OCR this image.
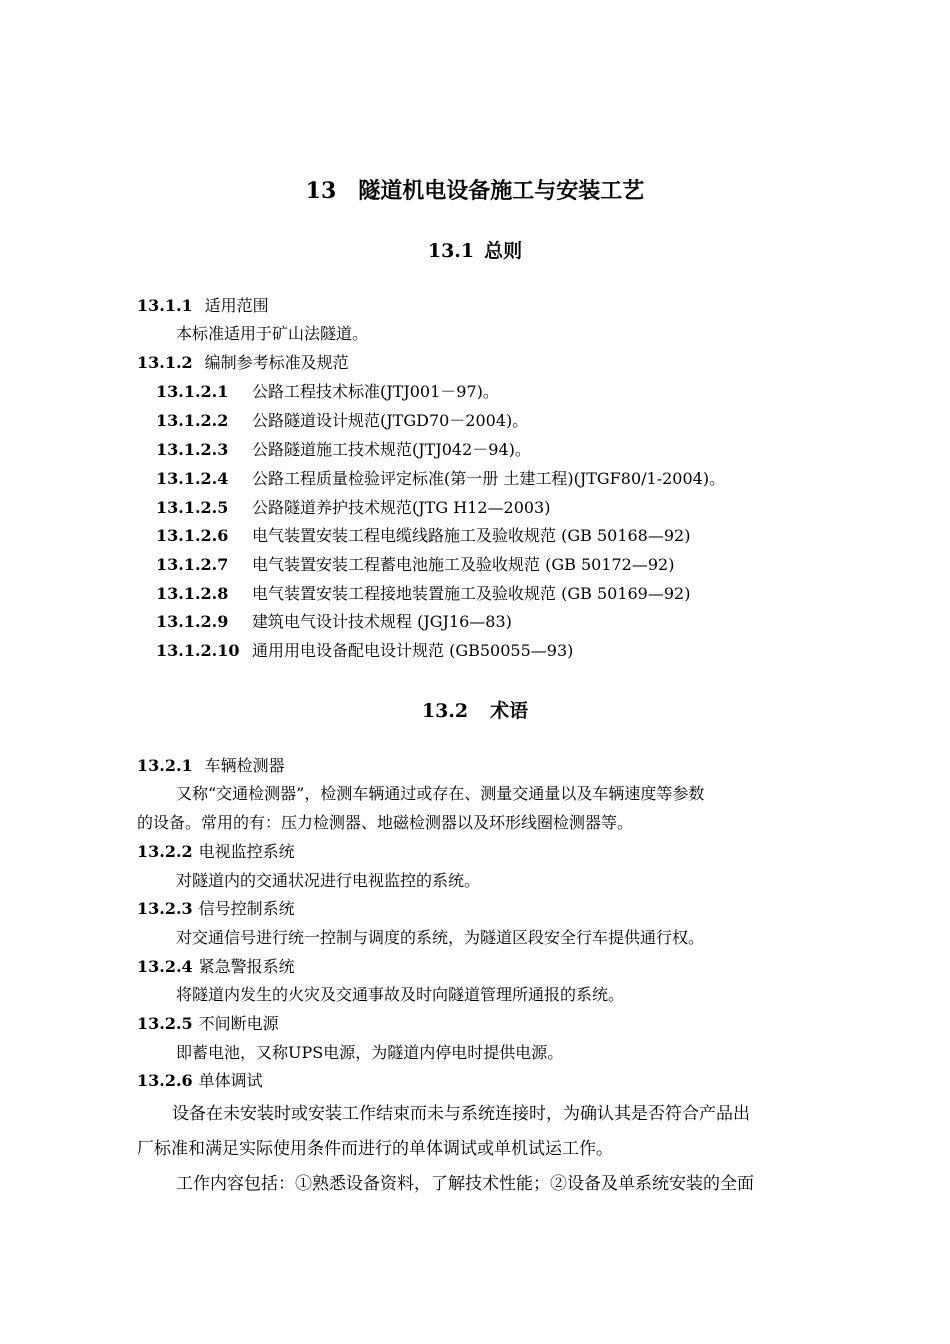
13 隧道机电设备施工与安装工艺
13.1 总则
13.1.1 适用范围
本标准适用于矿山法隧道。
13.1.2 编制参考标准及规范
13.1.2.1 公路工程技术标准(JTJ001－97)。
13.1.2.2 公路隧道设计规范(JTGD70－2004)。
13.1.2.3 公路隧道施工技术规范(JTJ042－94)。
13.1.2.4 公路工程质量检验评定标准(第一册 土建工程)(JTGF80/1-2004)。
13.1.2.5 公路隧道养护技术规范(JTG H12—2003)
13.1.2.6 电气装置安装工程电缆线路施工及验收规范 (GB 50168—92)
13.1.2.7 电气装置安装工程蓄电池施工及验收规范 (GB 50172—92)
13.1.2.8 电气装置安装工程接地装置施工及验收规范 (GB 50169—92)
13.1.2.9 建筑电气设计技术规程 (JGJ16—83)
13.1.2.10 通用用电设备配电设计规范 (GB50055—93)
13.2 术语
13.2.1 车辆检测器
又称“交通检测器”，检测车辆通过或存在、测量交通量以及车辆速度等参数
的设备。常用的有：压力检测器、地磁检测器以及环形线圈检测器等。
13.2.2 电视监控系统
对隧道内的交通状况进行电视监控的系统。
13.2.3 信号控制系统
对交通信号进行统一控制与调度的系统，为隧道区段安全行车提供通行权。
13.2.4 紧急警报系统
将隧道内发生的火灾及交通事故及时向隧道管理所通报的系统。
13.2.5 不间断电源
即蓄电池，又称UPS电源，为隧道内停电时提供电源。
13.2.6 单体调试
设备在未安装时或安装工作结束而未与系统连接时，为确认其是否符合产品出
厂标准和满足实际使用条件而进行的单体调试或单机试运工作。
工作内容包括：①熟悉设备资料，了解技术性能；②设备及单系统安装的全面
